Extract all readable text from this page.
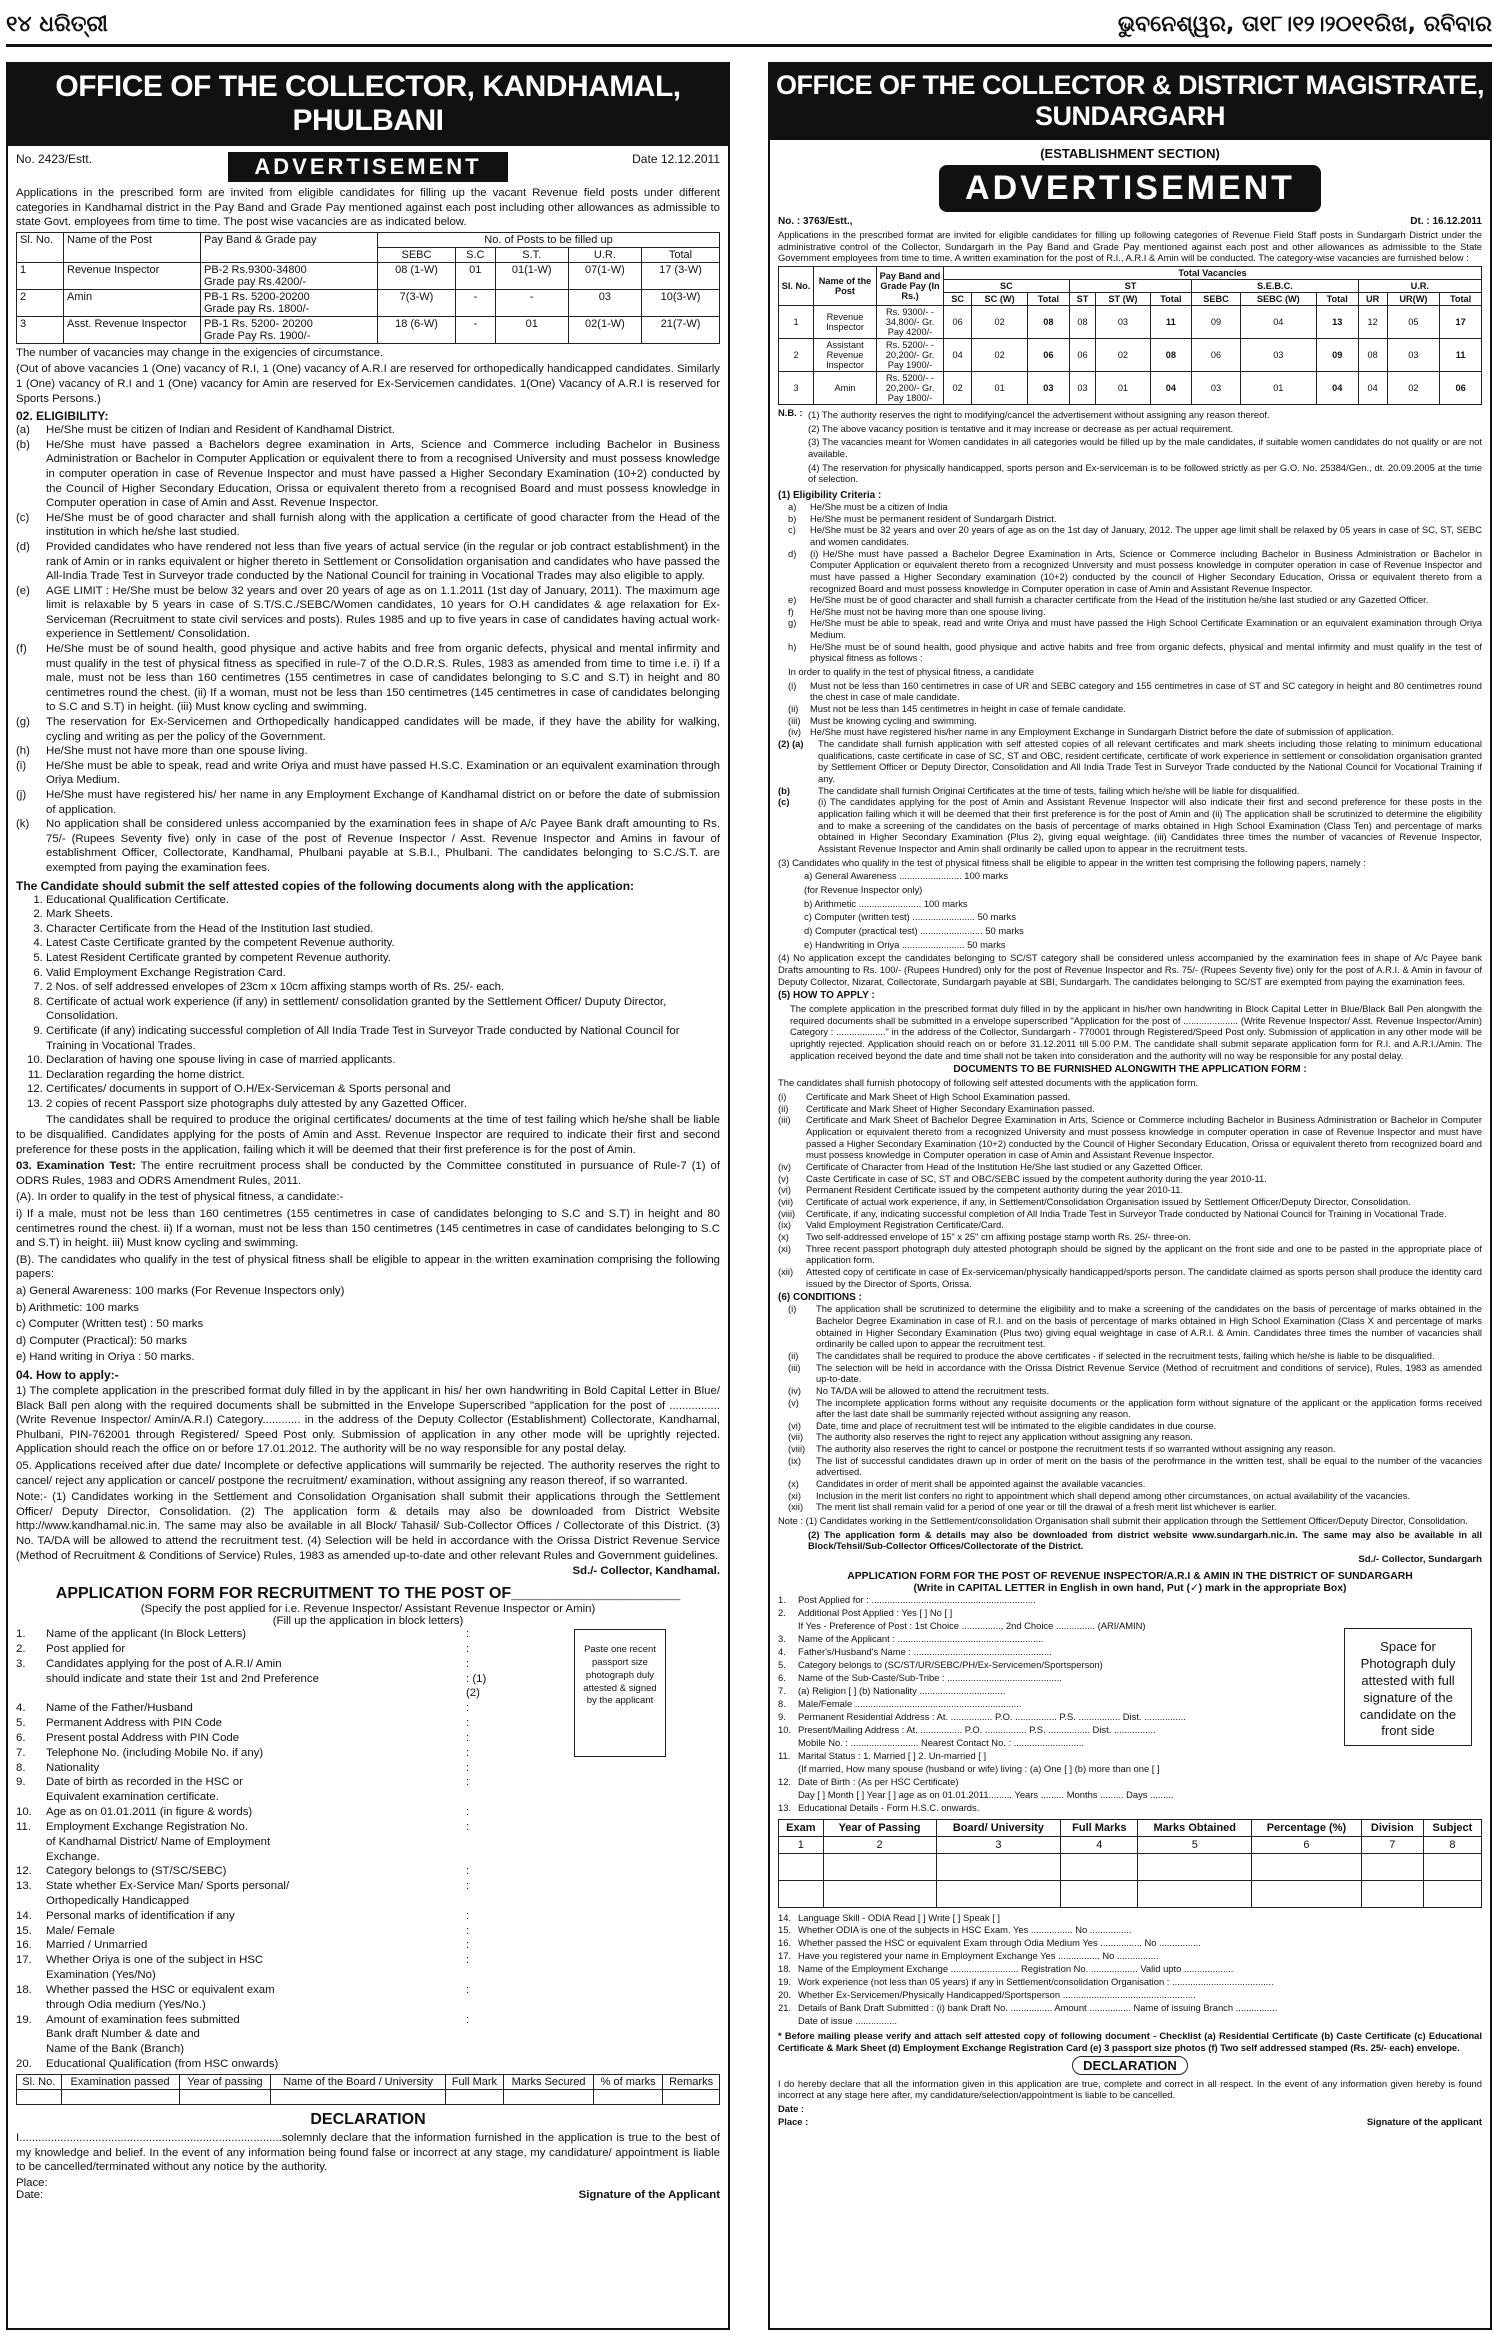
୧୪ ଧରିତ୍ରୀ	ଭୁବନେଶ୍ୱର, ତା୧୮।୧୨।୨୦୧୧ରିଖ, ରବିବାର
OFFICE OF THE COLLECTOR, KANDHAMAL, PHULBANI
No. 2423/Estt.	Date 12.12.2011
ADVERTISEMENT

Applications in the prescribed form are invited from eligible candidates for filling up the vacant Revenue field posts under different categories in Kandhamal district in the Pay Band and Grade Pay mentioned against each post including other allowances as admissible to state Govt. employees from time to time. The post wise vacancies are as indicated below.

Sl. No.	Name of the Post	Pay Band & Grade pay	No. of Posts to be filled up				
			SEBC	S.C	S.T.	U.R.	Total
1	Revenue Inspector	PB-2 Rs.9300-34800
Grade pay Rs.4200/-	08 (1-W)	01	01(1-W)	07(1-W)	17 (3-W)
2	Amin	PB-1 Rs. 5200-20200
Grade pay Rs. 1800/-	7(3-W)	-	-	03	10(3-W)
3	Asst. Revenue Inspector	PB-1 Rs. 5200- 20200
Grade Pay Rs. 1900/-	18 (6-W)	-	01	02(1-W)	21(7-W)

The number of vacancies may change in the exigencies of circumstance.

(Out of above vacancies 1 (One) vacancy of R.I, 1 (One) vacancy of A.R.I are reserved for orthopedically handicapped candidates. Similarly 1 (One) vacancy of R.I and 1 (One) vacancy for Amin are reserved for Ex-Servicemen candidates. 1(One) Vacancy of A.R.I is reserved for Sports Persons.)

02. ELIGIBILITY:
(a)	He/She must be citizen of Indian and Resident of Kandhamal District.
(b)	He/She must have passed a Bachelors degree examination in Arts, Science and Commerce including Bachelor in Business Administration or Bachelor in Computer Application or equivalent there to from a recognised University and must possess knowledge in computer operation in case of Revenue Inspector and must have passed a Higher Secondary Examination (10+2) conducted by the Council of Higher Secondary Education, Orissa or equivalent thereto from a recognised Board and must possess knowledge in Computer operation in case of Amin and Asst. Revenue Inspector.
(c)	He/She must be of good character and shall furnish along with the application a certificate of good character from the Head of the institution in which he/she last studied.
(d)	Provided candidates who have rendered not less than five years of actual service (in the regular or job contract establishment) in the rank of Amin or in ranks equivalent or higher thereto in Settlement or Consolidation organisation and candidates who have passed the All-India Trade Test in Surveyor trade conducted by the National Council for training in Vocational Trades may also eligible to apply.
(e)	AGE LIMIT : He/She must be below 32 years and over 20 years of age as on 1.1.2011 (1st day of January, 2011). The maximum age limit is relaxable by 5 years in case of S.T/S.C./SEBC/Women candidates, 10 years for O.H candidates & age relaxation for Ex-Serviceman (Recruitment to state civil services and posts). Rules 1985 and up to five years in case of candidates having actual work-experience in Settlement/ Consolidation.
(f)	He/She must be of sound health, good physique and active habits and free from organic defects, physical and mental infirmity and must qualify in the test of physical fitness as specified in rule-7 of the O.D.R.S. Rules, 1983 as amended from time to time i.e. i) If a male, must not be less than 160 centimetres (155 centimetres in case of candidates belonging to S.C and S.T) in height and 80 centimetres round the chest. (ii) If a woman, must not be less than 150 centimetres (145 centimetres in case of candidates belonging to S.C and S.T) in height. (iii) Must know cycling and swimming.
(g)	The reservation for Ex-Servicemen and Orthopedically handicapped candidates will be made, if they have the ability for walking, cycling and writing as per the policy of the Government.
(h)	He/She must not have more than one spouse living.
(i)	He/She must be able to speak, read and write Oriya and must have passed H.S.C. Examination or an equivalent examination through Oriya Medium.
(j)	He/She must have registered his/ her name in any Employment Exchange of Kandhamal district on or before the date of submission of application.
(k)	No application shall be considered unless accompanied by the examination fees in shape of A/c Payee Bank draft amounting to Rs. 75/- (Rupees Seventy five) only in case of the post of Revenue Inspector / Asst. Revenue Inspector and Amins in favour of establishment Officer, Collectorate, Kandhamal, Phulbani payable at S.B.I., Phulbani. The candidates belonging to S.C./S.T. are exempted from paying the examination fees.
The Candidate should submit the self attested copies of the following documents along with the application:
1. Educational Qualification Certificate.
2. Mark Sheets.
3. Character Certificate from the Head of the Institution last studied.
4. Latest Caste Certificate granted by the competent Revenue authority.
5. Latest Resident Certificate granted by competent Revenue authority.
6. Valid Employment Exchange Registration Card.
7. 2 Nos. of self addressed envelopes of 23cm x 10cm affixing stamps worth of Rs. 25/- each.
8. Certificate of actual work experience (if any) in settlement/ consolidation granted by the Settlement Officer/ Duputy Director, Consolidation.
9. Certificate (if any) indicating successful completion of All India Trade Test in Surveyor Trade conducted by National Council for Training in Vocational Trades.
10. Declaration of having one spouse living in case of married applicants.
11. Declaration regarding the home district.
12. Certificates/ documents in support of O.H/Ex-Serviceman & Sports personal and
13. 2 copies of recent Passport size photographs duly attested by any Gazetted Officer.

The candidates shall be required to produce the original certificates/ documents at the time of test failing which he/she shall be liable to be disqualified. Candidates applying for the posts of Amin and Asst. Revenue Inspector are required to indicate their first and second preference for these posts in the application, failing which it will be deemed that their first preference is for the post of Amin.

03. Examination Test: The entire recruitment process shall be conducted by the Committee constituted in pursuance of Rule-7 (1) of ODRS Rules, 1983 and ODRS Amendment Rules, 2011.

(A). In order to qualify in the test of physical fitness, a candidate:-

i) If a male, must not be less than 160 centimetres (155 centimetres in case of candidates belonging to S.C and S.T) in height and 80 centimetres round the chest. ii) If a woman, must not be less than 150 centimetres (145 centimetres in case of candidates belonging to S.C and S.T) in height. iii) Must know cycling and swimming.

(B). The candidates who qualify in the test of physical fitness shall be eligible to appear in the written examination comprising the following papers:

a) General Awareness: 100 marks (For Revenue Inspectors only)

b) Arithmetic: 100 marks

c) Computer (Written test) : 50 marks

d) Computer (Practical): 50 marks

e) Hand writing in Oriya : 50 marks.

04. How to apply:-

1) The complete application in the prescribed format duly filled in by the applicant in his/ her own handwriting in Bold Capital Letter in Blue/ Black Ball pen along with the required documents shall be submitted in the Envelope Superscribed "application for the post of ................ (Write Revenue Inspector/ Amin/A.R.I) Category............ in the address of the Deputy Collector (Establishment) Collectorate, Kandhamal, Phulbani, PIN-762001 through Registered/ Speed Post only. Submission of application in any other mode will be uprightly rejected. Application should reach the office on or before 17.01.2012. The authority will be no way responsible for any postal delay.

05. Applications received after due date/ Incomplete or defective applications will summarily be rejected. The authority reserves the right to cancel/ reject any application or cancel/ postpone the recruitment/ examination, without assigning any reason thereof, if so warranted.

Note:- (1) Candidates working in the Settlement and Consolidation Organisation shall submit their applications through the Settlement Officer/ Deputy Director, Consolidation. (2) The application form & details may also be downloaded from District Website http://www.kandhamal.nic.in. The same may also be available in all Block/ Tahasil/ Sub-Collector Offices / Collectorate of this District. (3) No. TA/DA will be allowed to attend the recruitment test. (4) Selection will be held in accordance with the Orissa District Revenue Service (Method of Recruitment & Conditions of Service) Rules, 1983 as amended up-to-date and other relevant Rules and Government guidelines.

Sd./- Collector, Kandhamal.
APPLICATION FORM FOR RECRUITMENT TO THE POST OF___________________
(Specify the post applied for i.e. Revenue Inspector/ Assistant Revenue Inspector or Amin)
(Fill up the application in block letters)
Paste one recent passport size photograph duly attested & signed by the applicant
1.	Name of the applicant (In Block Letters)	:
2.	Post applied for	:
3.	Candidates applying for the post of A.R.I/ Amin	:
should indicate and state their 1st and 2nd Preference	: (1)
(2)
4.	Name of the Father/Husband	:
5.	Permanent Address with PIN Code	:
6.	Present postal Address with PIN Code	:
7.	Telephone No. (including Mobile No. if any)	:
8.	Nationality	:
9.	Date of birth as recorded in the HSC or	:
Equivalent examination certificate.
10.	Age as on 01.01.2011 (in figure & words)	:
11.	Employment Exchange Registration No.	:
of Kandhamal District/ Name of Employment
Exchange.
12.	Category belongs to (ST/SC/SEBC)	:
13.	State whether Ex-Service Man/ Sports personal/	:
Orthopedically Handicapped
14.	Personal marks of identification if any	:
15.	Male/ Female	:
16.	Married / Unmarried	:
17.	Whether Oriya is one of the subject in HSC	:
Examination (Yes/No)
18.	Whether passed the HSC or equivalent exam	:
through Odia medium (Yes/No.)
19.	Amount of examination fees submitted	:
Bank draft Number & date and
Name of the Bank (Branch)
20.	Educational Qualification (from HSC onwards)
Sl. No.	Examination passed	Year of passing	Name of the Board / University	Full Mark	Marks Secured	% of marks	Remarks

DECLARATION

I...................................................................................solemnly declare that the information furnished in the application is true to the best of my knowledge and belief. In the event of any information being found false or incorrect at any stage, my candidature/ appointment is liable to be cancelled/terminated without any notice by the authority.

Place:
Date:	Signature of the Applicant
OFFICE OF THE COLLECTOR & DISTRICT MAGISTRATE, SUNDARGARH
(ESTABLISHMENT SECTION)
ADVERTISEMENT
No. : 3763/Estt.,	Dt. : 16.12.2011

Applications in the prescribed format are invited for eligible candidates for filling up following categories of Revenue Field Staff posts in Sundargarh District under the administrative control of the Collector, Sundargarh in the Pay Band and Grade Pay mentioned against each post and other allowances as admissible to the State Government employees from time to time. A written examination for the post of R.I., A.R.I & Amin will be conducted. The category-wise vacancies are furnished below :

Sl. No.	Name of the Post	Pay Band and Grade Pay (In Rs.)	Total Vacancies											
			SC			ST			S.E.B.C.			U.R.		
			SC	SC (W)	Total	ST	ST (W)	Total	SEBC	SEBC (W)	Total	UR	UR(W)	Total
1	Revenue Inspector	Rs. 9300/- - 34,800/- Gr. Pay 4200/-	06	02	08	08	03	11	09	04	13	12	05	17
2	Assistant Revenue Inspector	Rs. 5200/- - 20,200/- Gr. Pay 1900/-	04	02	06	06	02	08	06	03	09	08	03	11
3	Amin	Rs. 5200/- - 20,200/- Gr. Pay 1800/-	02	01	03	03	01	04	03	01	04	04	02	06
N.B. : (1) The authority reserves the right to modifying/cancel the advertisement without assigning any reason thereof.

(2) The above vacancy position is tentative and it may increase or decrease as per actual requirement.

(3) The vacancies meant for Women candidates in all categories would be filled up by the male candidates, if suitable women candidates do not qualify or are not available.

(4) The reservation for physically handicapped, sports person and Ex-serviceman is to be followed strictly as per G.O. No. 25384/Gen., dt. 20.09.2005 at the time of selection.

(1) Eligibility Criteria :
a)	He/She must be a citizen of India
b)	He/She must be permanent resident of Sundargarh District.
c)	He/She must be 32 years and over 20 years of age as on the 1st day of January, 2012. The upper age limit shall be relaxed by 05 years in case of SC, ST, SEBC and women candidates.
d)	(i) He/She must have passed a Bachelor Degree Examination in Arts, Science or Commerce including Bachelor in Business Administration or Bachelor in Computer Application or equivalent thereto from a recognized University and must possess knowledge in computer operation in case of Revenue Inspector and must have passed a Higher Secondary examination (10+2) conducted by the council of Higher Secondary Education, Orissa or equivalent thereto from a recognized Board and must possess knowledge in Computer operation in case of Amin and Assistant Revenue Inspector.
e)	He/She must be of good character and shall furnish a character certificate from the Head of the institution he/she last studied or any Gazetted Officer.
f)	He/She must not be having more than one spouse living.
g)	He/She must be able to speak, read and write Oriya and must have passed the High School Certificate Examination or an equivalent examination through Oriya Medium.
h)	He/She must be of sound health, good physique and active habits and free from organic defects, physical and mental infirmity and must qualify in the test of physical fitness as follows :

In order to qualify in the test of physical fitness, a candidate

(i)	Must not be less than 160 centimetres in case of UR and SEBC category and 155 centimetres in case of ST and SC category in height and 80 centimetres round the chest in case of male candidate.
(ii)	Must not be less than 145 centimetres in height in case of female candidate.
(iii)	Must be knowing cycling and swimming.
(iv) He/She must have registered his/her name in any Employment Exchange in Sundargarh District before the date of submission of application.
(2) (a)	The candidate shall furnish application with self attested copies of all relevant certificates and mark sheets including those relating to minimum educational qualifications, caste certificate in case of SC, ST and OBC, resident certificate, certificate of work experience in settlement or consolidation organisation granted by Settlement Officer or Deputy Director, Consolidation and All India Trade Test in Surveyor Trade conducted by the National Council for Vocational Training if any.
(b)	The candidate shall furnish Original Certificates at the time of tests, failing which he/she will be liable for disqualified.
(c)	(i) The candidates applying for the post of Amin and Assistant Revenue Inspector will also indicate their first and second preference for these posts in the application failing which it will be deemed that their first preference is for the post of Amin and (ii) The application shall be scrutinized to determine the eligibility and to make a screening of the candidates on the basis of percentage of marks obtained in High School Examination (Class Ten) and percentage of marks obtained in Higher Secondary Examination (Plus 2), giving equal weightage. (iii) Candidates three times the number of vacancies of Revenue Inspector, Assistant Revenue Inspector and Amin shall ordinarily be called upon to appear in the recruitment tests.

(3) Candidates who qualify in the test of physical fitness shall be eligible to appear in the written test comprising the following papers, namely :

a) General Awareness ........................ 100 marks

(for Revenue Inspector only)

b) Arithmetic ........................ 100 marks

c) Computer (written test) ........................ 50 marks

d) Computer (practical test) ........................ 50 marks

e) Handwriting in Oriya ........................ 50 marks

(4) No application except the candidates belonging to SC/ST category shall be considered unless accompanied by the examination fees in shape of A/c Payee bank Drafts amounting to Rs. 100/- (Rupees Hundred) only for the post of Revenue Inspector and Rs. 75/- (Rupees Seventy five) only for the post of A.R.I. & Amin in favour of Deputy Collector, Nizarat, Collectorate, Sundargarh payable at SBI, Sundargarh. The candidates belonging to SC/ST are exempted from paying the examination fees.

(5) HOW TO APPLY :

The complete application in the prescribed format duly filled in by the applicant in his/her own handwriting in Block Capital Letter in Blue/Black Ball Pen alongwith the required documents shall be submitted in a envelope superscribed "Application for the post of ..................... (Write Revenue Inspector/ Asst. Revenue Inspector/Amin) Category : ..................." in the address of the Collector, Sundargarh - 770001 through Registered/Speed Post only. Submission of application in any other mode will be uprightly rejected. Application should reach on or before 31.12.2011 till 5.00 P.M. The candidate shall submit separate application form for R.I. and A.R.I./Amin. The application received beyond the date and time shall not be taken into consideration and the authority will no way be responsible for any postal delay.

DOCUMENTS TO BE FURNISHED ALONGWITH THE APPLICATION FORM :

The candidates shall furnish photocopy of following self attested documents with the application form.

(i)	Certificate and Mark Sheet of High School Examination passed.
(ii)	Certificate and Mark Sheet of Higher Secondary Examination passed.
(iii)	Certificate and Mark Sheet of Bachelor Degree Examination in Arts, Science or Commerce including Bachelor in Business Administration or Bachelor in Computer Application or equivalent thereto from a recognized University and must possess knowledge in computer operation in case of Revenue Inspector and must have passed a Higher Secondary Examination (10+2) conducted by the Council of Higher Secondary Education, Orissa or equivalent thereto from recognized board and must possess knowledge in Computer operation in case of Amin and Assistant Revenue Inspector.
(iv)	Certificate of Character from Head of the Institution He/She last studied or any Gazetted Officer.
(v)	Caste Certificate in case of SC, ST and OBC/SEBC issued by the competent authority during the year 2010-11.
(vi)	Permanent Resident Certificate issued by the competent authority during the year 2010-11.
(vii)	Certificate of actual work experience, if any, in Settlement/Consolidation Organisation issued by Settlement Officer/Deputy Director, Consolidation.
(viii)	Certificate, if any, indicating successful completion of All India Trade Test in Surveyor Trade conducted by National Council for Training in Vocational Trade.
(ix)	Valid Employment Registration Certificate/Card.
(x)	Two self-addressed envelope of 15" x 25" cm affixing postage stamp worth Rs. 25/- three-on.
(xi)	Three recent passport photograph duly attested photograph should be signed by the applicant on the front side and one to be pasted in the appropriate place of application form.
(xii)	Attested copy of certificate in case of Ex-serviceman/physically handicapped/sports person. The candidate claimed as sports person shall produce the identity card issued by the Director of Sports, Orissa.
(6) CONDITIONS :
(i)	The application shall be scrutinized to determine the eligibility and to make a screening of the candidates on the basis of percentage of marks obtained in the Bachelor Degree Examination in case of R.I. and on the basis of percentage of marks obtained in High School Examination (Class X and percentage of marks obtained in Higher Secondary Examination (Plus two) giving equal weightage in case of A.R.I. & Amin. Candidates three times the number of vacancies shall ordinarily be called upon to appear the recruitment test.
(ii)	The candidates shall be required to produce the above certificates - if selected in the recruitment tests, failing which he/she is liable to be disqualified.
(iii)	The selection will be held in accordance with the Orissa District Revenue Service (Method of recruitment and conditions of service), Rules, 1983 as amended up-to-date.
(iv)	No TA/DA will be allowed to attend the recruitment tests.
(v)	The incomplete application forms without any requisite documents or the application form without signature of the applicant or the application forms received after the last date shall be summarily rejected without assigning any reason.
(vi)	Date, time and place of recruitment test will be intimated to the eligible candidates in due course.
(vii)	The authority also reserves the right to reject any application without assigning any reason.
(viii)	The authority also reserves the right to cancel or postpone the recruitment tests if so warranted without assigning any reason.
(ix)	The list of successful candidates drawn up in order of merit on the basis of the perofrmance in the written test, shall be equal to the number of the vacancies advertised.
(x)	Candidates in order of merit shall be appointed against the available vacancies.
(xi)	Inclusion in the merit list confers no right to appointment which shall depend among other circumstances, on actual availability of the vacancies.
(xii)	The merit list shall remain valid for a period of one year or till the drawal of a fresh merit list whichever is earlier.

Note : (1) Candidates working in the Settlement/consolidation Organisation shall submit their application through the Settlement Officer/Deputy Director, Consolidation.

(2) The application form & details may also be downloaded from district website www.sundargarh.nic.in. The same may also be available in all Block/Tehsil/Sub-Collector Offices/Collectorate of the District.

Sd./- Collector, Sundargarh
APPLICATION FORM FOR THE POST OF REVENUE INSPECTOR/A.R.I & AMIN IN THE DISTRICT OF SUNDARGARH
(Write in CAPITAL LETTER in English in own hand, Put (✓) mark in the appropriate Box)
Space for Photograph duly attested with full signature of the candidate on the front side
1.	Post Applied for : ...............................................................
2.	Additional Post Applied : Yes [ ] No [ ]
If Yes - Preference of Post : 1st Choice ..............., 2nd Choice ............... (ARI/AMIN)
3.	Name of the Applicant : ........................................................
4.	Father's/Husband's Name : .....................................................
5.	Category belongs to (SC/ST/UR/SEBC/PH/Ex-Servicemen/Sportsperson)
6.	Name of the Sub-Caste/Sub-Tribe : ............................................
7.	(a) Religion [ ] (b) Nationality .................................
8.	Male/Female ................................................................
9.	Permanent Residential Address : At. ................ P.O. ................ P.S. ................ Dist. ................
10. Present/Mailing Address : At. ................ P.O. ................ P.S. ................ Dist. ................
Mobile No. : .......................... Nearest Contact No. : ...........................
11. Marital Status : 1. Married [ ] 2. Un-married [ ]
(If married, How many spouse (husband or wife) living : (a) One [ ] (b) more than one [ ]
12. Date of Birth : (As per HSC Certificate)
Day [ ] Month [ ] Year [ ] age as on 01.01.2011......... Years ......... Months ......... Days .........
13. Educational Details - Form H.S.C. onwards.
Exam	Year of Passing	Board/ University	Full Marks	Marks Obtained	Percentage (%)	Division	Subject
1	2	3	4	5	6	7	8

14. Language Skill - ODIA Read [ ] Write [ ] Speak [ ]
15. Whether ODIA is one of the subjects in HSC Exam. Yes ................ No ................
16. Whether passed the HSC or equivalent Exam through Odia Medium Yes ................ No ................
17. Have you registered your name in Employment Exchange Yes ................ No ................
18. Name of the Employment Exchange .......................... Registration No. .................. Valid upto ...................
19. Work experience (not less than 05 years) if any in Settlement/consolidation Organisation : .......................................
20. Whether Ex-Servicemen/Physically Handicapped/Sportsperson ...................................................
21. Details of Bank Draft Submitted : (i) bank Draft No. ................ Amount ................ Name of issuing Branch ................
Date of issue ................

* Before mailing please verify and attach self attested copy of following document - Checklist (a) Residential Certificate (b) Caste Certificate (c) Educational Certificate & Mark Sheet (d) Employment Exchange Registration Card (e) 3 passport size photos (f) Two self addressed stamped (Rs. 25/- each) envelope.

DECLARATION

I do hereby declare that all the information given in this application are true, complete and correct in all respect. In the event of any information given hereby is found incorrect at any stage here after, my candidature/selection/appointment is liable to be cancelled.

Date :
Place :	Signature of the applicant
